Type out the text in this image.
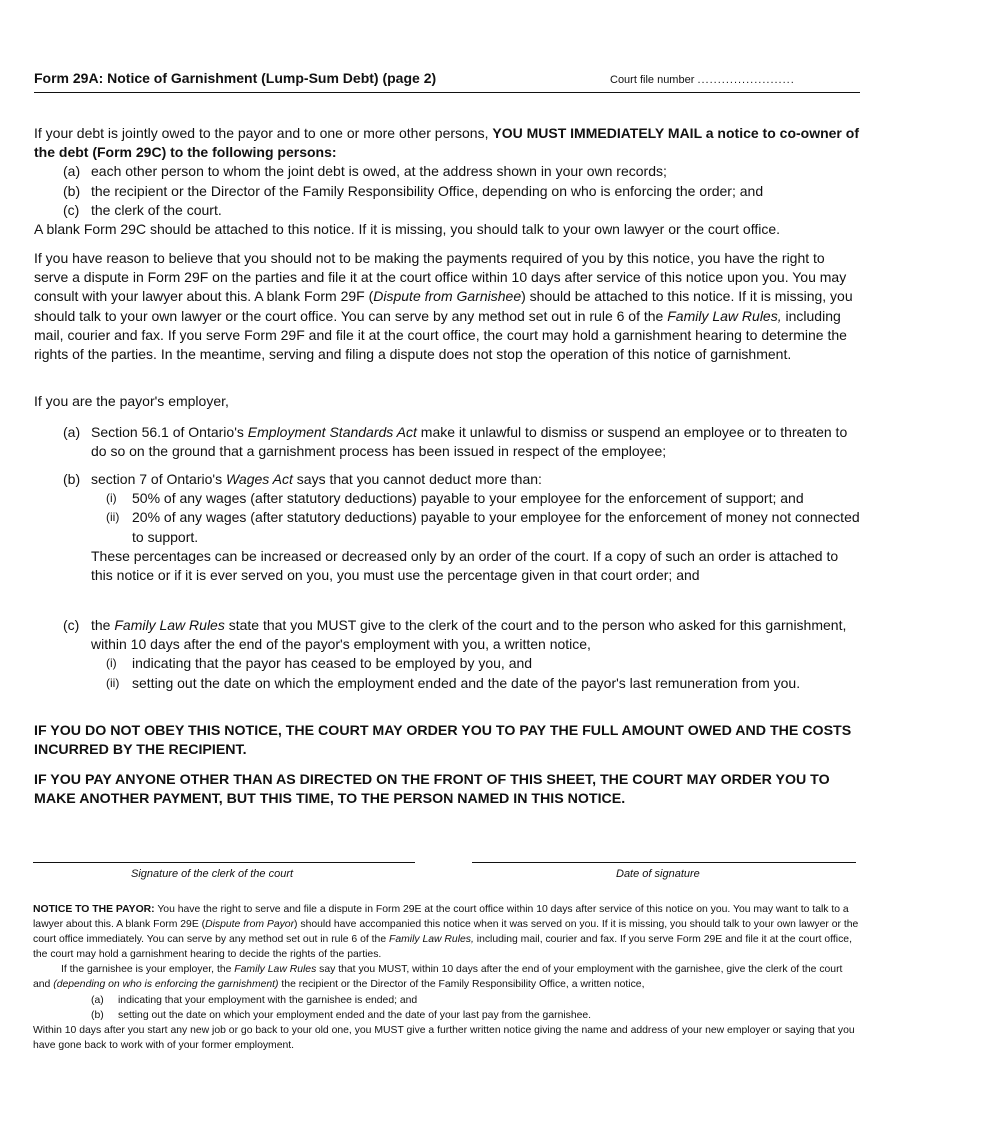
Form 29A: Notice of Garnishment (Lump-Sum Debt) (page 2)	Court file number ........................

If your debt is jointly owed to the payor and to one or more other persons, YOU MUST IMMEDIATELY MAIL a notice to co-owner of the debt (Form 29C) to the following persons:

(a) each other person to whom the joint debt is owed, at the address shown in your own records;
(b) the recipient or the Director of the Family Responsibility Office, depending on who is enforcing the order; and
(c) the clerk of the court.

A blank Form 29C should be attached to this notice. If it is missing, you should talk to your own lawyer or the court office.

If you have reason to believe that you should not to be making the payments required of you by this notice, you have the right to serve a dispute in Form 29F on the parties and file it at the court office within 10 days after service of this notice upon you. You may consult with your lawyer about this. A blank Form 29F (Dispute from Garnishee) should be attached to this notice. If it is missing, you should talk to your own lawyer or the court office. You can serve by any method set out in rule 6 of the Family Law Rules, including mail, courier and fax. If you serve Form 29F and file it at the court office, the court may hold a garnishment hearing to determine the rights of the parties. In the meantime, serving and filing a dispute does not stop the operation of this notice of garnishment.

If you are the payor's employer,

(a) Section 56.1 of Ontario's Employment Standards Act make it unlawful to dismiss or suspend an employee or to threaten to do so on the ground that a garnishment process has been issued in respect of the employee;
(b) section 7 of Ontario's Wages Act says that you cannot deduct more than:
(i) 50% of any wages (after statutory deductions) payable to your employee for the enforcement of support; and
(ii) 20% of any wages (after statutory deductions) payable to your employee for the enforcement of money not connected to support.
These percentages can be increased or decreased only by an order of the court. If a copy of such an order is attached to this notice or if it is ever served on you, you must use the percentage given in that court order; and
(c) the Family Law Rules state that you MUST give to the clerk of the court and to the person who asked for this garnishment, within 10 days after the end of the payor's employment with you, a written notice,
(i) indicating that the payor has ceased to be employed by you, and
(ii) setting out the date on which the employment ended and the date of the payor's last remuneration from you.
IF YOU DO NOT OBEY THIS NOTICE, THE COURT MAY ORDER YOU TO PAY THE FULL AMOUNT OWED AND THE COSTS INCURRED BY THE RECIPIENT.
IF YOU PAY ANYONE OTHER THAN AS DIRECTED ON THE FRONT OF THIS SHEET, THE COURT MAY ORDER YOU TO MAKE ANOTHER PAYMENT, BUT THIS TIME, TO THE PERSON NAMED IN THIS NOTICE.
Signature of the clerk of the court	Date of signature

NOTICE TO THE PAYOR: You have the right to serve and file a dispute in Form 29E at the court office within 10 days after service of this notice on you. You may want to talk to a lawyer about this. A blank Form 29E (Dispute from Payor) should have accompanied this notice when it was served on you. If it is missing, you should talk to your own lawyer or the court office immediately. You can serve by any method set out in rule 6 of the Family Law Rules, including mail, courier and fax. If you serve Form 29E and file it at the court office, the court may hold a garnishment hearing to decide the rights of the parties.

If the garnishee is your employer, the Family Law Rules say that you MUST, within 10 days after the end of your employment with the garnishee, give the clerk of the court and (depending on who is enforcing the garnishment) the recipient or the Director of the Family Responsibility Office, a written notice,

(a) indicating that your employment with the garnishee is ended; and
(b) setting out the date on which your employment ended and the date of your last pay from the garnishee.

Within 10 days after you start any new job or go back to your old one, you MUST give a further written notice giving the name and address of your new employer or saying that you have gone back to work with of your former employment.
